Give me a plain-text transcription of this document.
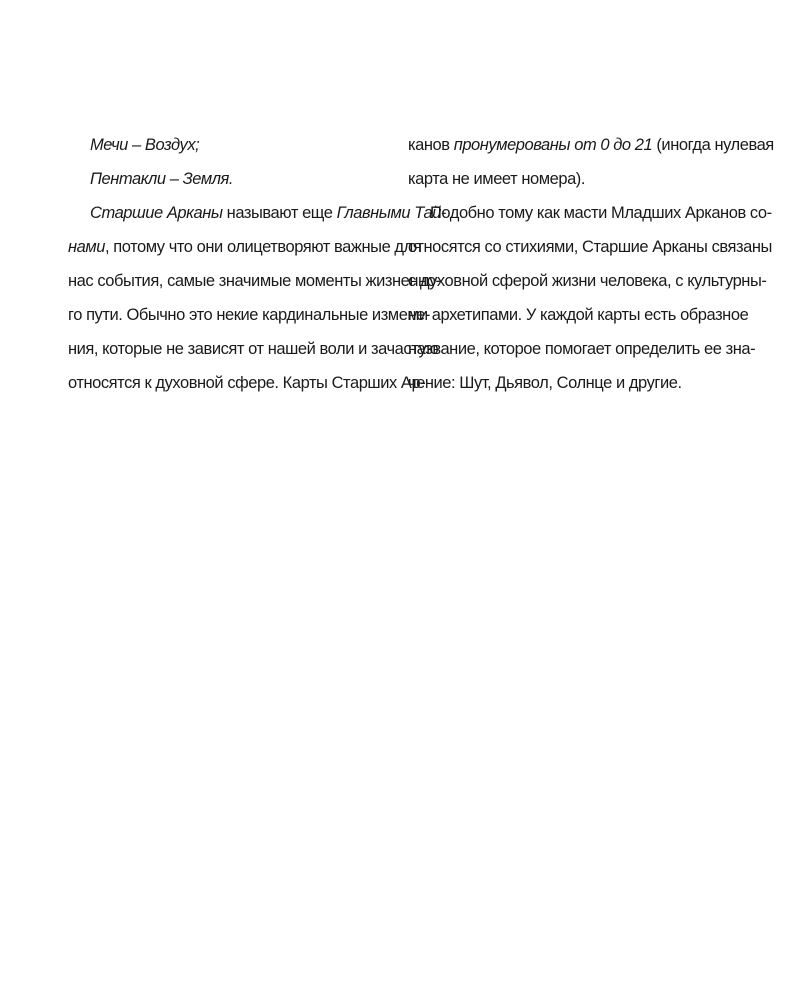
Мечи – Воздух;
Пентакли – Земля.
Старшие Арканы называют еще Главными Тай-
нами, потому что они олицетворяют важные для
нас события, самые значимые моменты жизненно-
го пути. Обычно это некие кардинальные измене-
ния, которые не зависят от нашей воли и зачастую
относятся к духовной сфере. Карты Старших Ар-
канов пронумерованы от 0 до 21 (иногда нулевая
карта не имеет номера).
Подобно тому как масти Младших Арканов со-
относятся со стихиями, Старшие Арканы связаны
с духовной сферой жизни человека, с культурны-
ми архетипами. У каждой карты есть образное
название, которое помогает определить ее зна-
чение: Шут, Дьявол, Солнце и другие.
